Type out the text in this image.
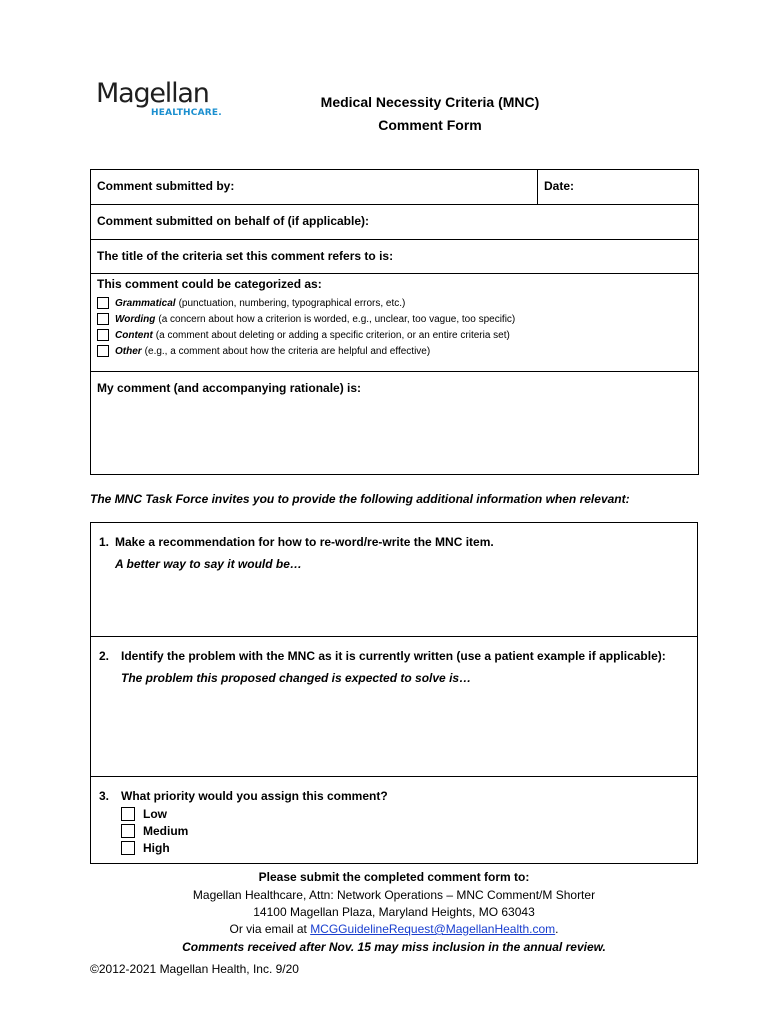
Magellan
HEALTHCARE.
Medical Necessity Criteria (MNC)
Comment Form
Comment submitted by:	Date:
Comment submitted on behalf of (if applicable):
The title of the criteria set this comment refers to is:

This comment could be categorized as:
Grammatical (punctuation, numbering, typographical errors, etc.)
Wording (a concern about how a criterion is worded, e.g., unclear, too vague, too specific)
Content (a comment about deleting or adding a specific criterion, or an entire criteria set)
Other (e.g., a comment about how the criteria are helpful and effective)

My comment (and accompanying rationale) is:
The MNC Task Force invites you to provide the following additional information when relevant:
1. Make a recommendation for how to re-word/re-write the MNC item.
A better way to say it would be…

2. Identify the problem with the MNC as it is currently written (use a patient example if applicable):
The problem this proposed changed is expected to solve is…

3. What priority would you assign this comment?
Low
Medium
High
Please submit the completed comment form to:
Magellan Healthcare, Attn: Network Operations – MNC Comment/M Shorter
14100 Magellan Plaza, Maryland Heights, MO 63043
Or via email at MCGGuidelineRequest@MagellanHealth.com.
Comments received after Nov. 15 may miss inclusion in the annual review.
©2012-2021 Magellan Health, Inc. 9/20
